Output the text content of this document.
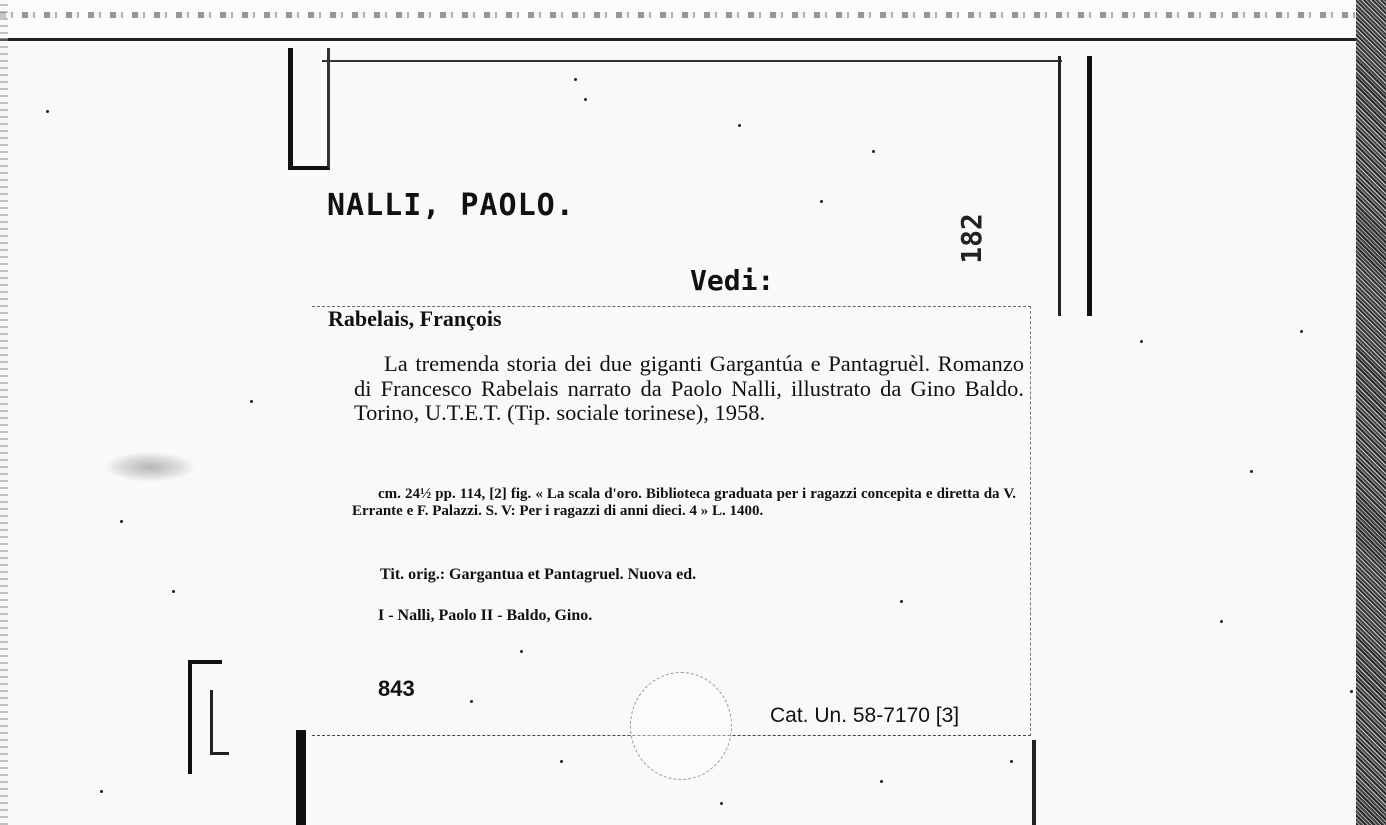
NALLI, PAOLO.
Vedi:
182
Rabelais, François
La tremenda storia dei due giganti Gargantúa e Pantagruèl. Romanzo di Francesco Rabelais narrato da Paolo Nalli, illustrato da Gino Baldo. Torino, U.T.E.T. (Tip. sociale torinese), 1958.
cm. 24½ pp. 114, [2] fig. « La scala d'oro. Biblioteca graduata per i ragazzi concepita e diretta da V. Errante e F. Palazzi. S. V: Per i ragazzi di anni dieci. 4 » L. 1400.
Tit. orig.: Gargantua et Pantagruel. Nuova ed.
I - Nalli, Paolo II - Baldo, Gino.
843
Cat. Un. 58-7170 [3]
